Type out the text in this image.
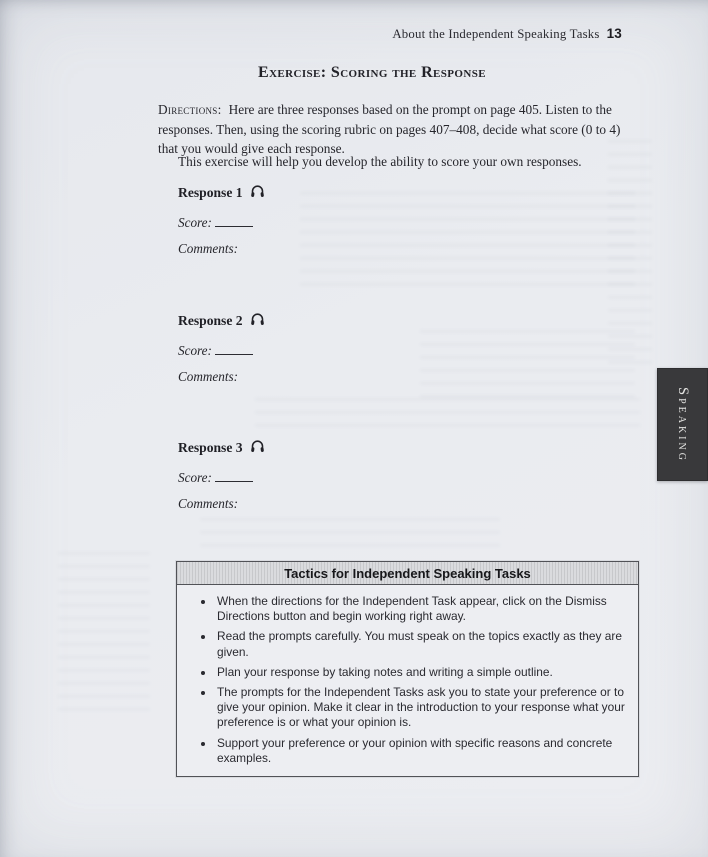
About the Independent Speaking Tasks 13
Exercise: Scoring the Response
Directions: Here are three responses based on the prompt on page 405. Listen to the responses. Then, using the scoring rubric on pages 407–408, decide what score (0 to 4) that you would give each response.
This exercise will help you develop the ability to score your own responses.
Response 1
Score:
Comments:
Response 2
Score:
Comments:
Response 3
Score:
Comments:
Speaking
Tactics for Independent Speaking Tasks
• When the directions for the Independent Task appear, click on the Dismiss Directions button and begin working right away.
• Read the prompts carefully. You must speak on the topics exactly as they are given.
• Plan your response by taking notes and writing a simple outline.
• The prompts for the Independent Tasks ask you to state your preference or to give your opinion. Make it clear in the introduction to your response what your preference is or what your opinion is.
• Support your preference or your opinion with specific reasons and concrete examples.
